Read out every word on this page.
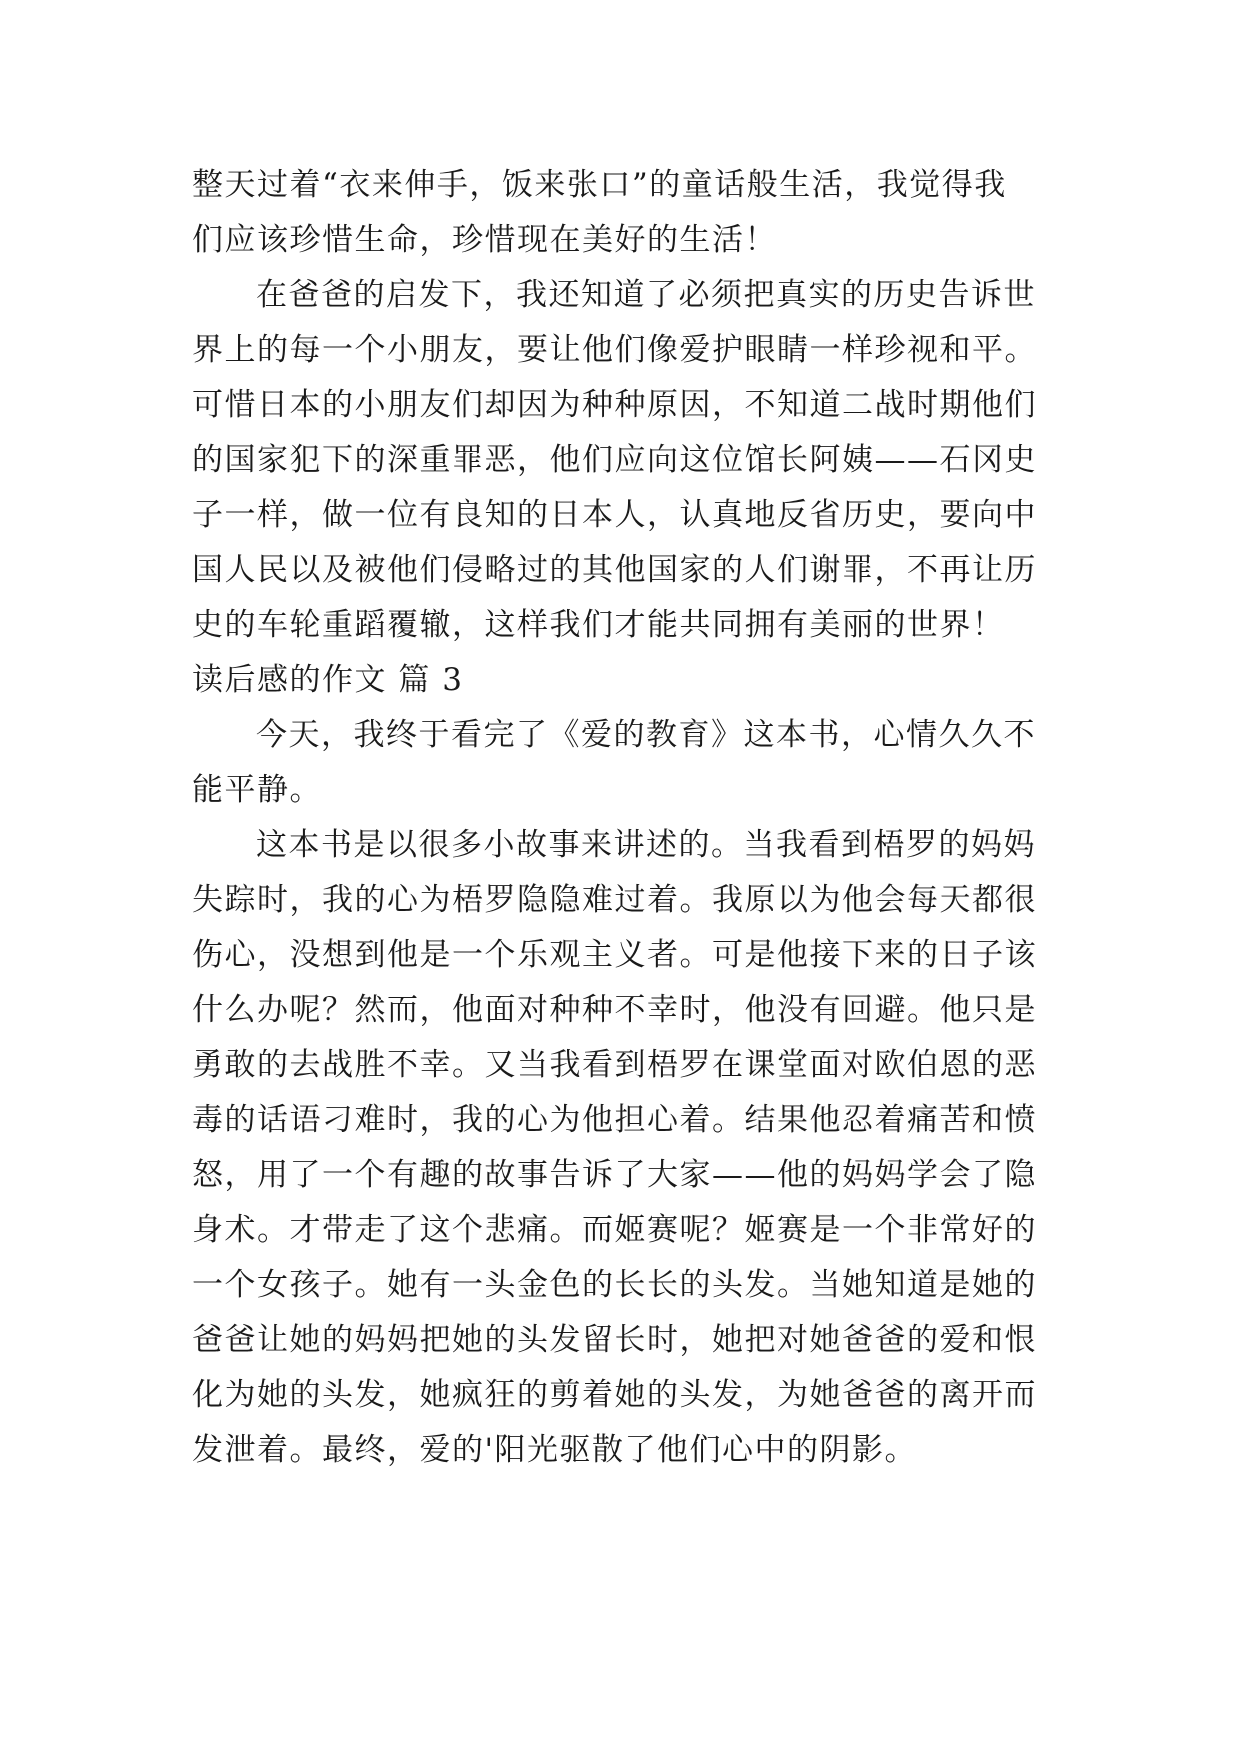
整天过着“衣来伸手，饭来张口”的童话般生活，我觉得我
们应该珍惜生命，珍惜现在美好的生活！
在爸爸的启发下，我还知道了必须把真实的历史告诉世
界上的每一个小朋友，要让他们像爱护眼睛一样珍视和平。
可惜日本的小朋友们却因为种种原因，不知道二战时期他们
的国家犯下的深重罪恶，他们应向这位馆长阿姨——石冈史
子一样，做一位有良知的日本人，认真地反省历史，要向中
国人民以及被他们侵略过的其他国家的人们谢罪，不再让历
史的车轮重蹈覆辙，这样我们才能共同拥有美丽的世界！
读后感的作文 篇 3
今天，我终于看完了《爱的教育》这本书，心情久久不
能平静。
这本书是以很多小故事来讲述的。当我看到梧罗的妈妈
失踪时，我的心为梧罗隐隐难过着。我原以为他会每天都很
伤心，没想到他是一个乐观主义者。可是他接下来的日子该
什么办呢？然而，他面对种种不幸时，他没有回避。他只是
勇敢的去战胜不幸。又当我看到梧罗在课堂面对欧伯恩的恶
毒的话语刁难时，我的心为他担心着。结果他忍着痛苦和愤
怒，用了一个有趣的故事告诉了大家——他的妈妈学会了隐
身术。才带走了这个悲痛。而姬赛呢？姬赛是一个非常好的
一个女孩子。她有一头金色的长长的头发。当她知道是她的
爸爸让她的妈妈把她的头发留长时，她把对她爸爸的爱和恨
化为她的头发，她疯狂的剪着她的头发，为她爸爸的离开而
发泄着。最终，爱的'阳光驱散了他们心中的阴影。
